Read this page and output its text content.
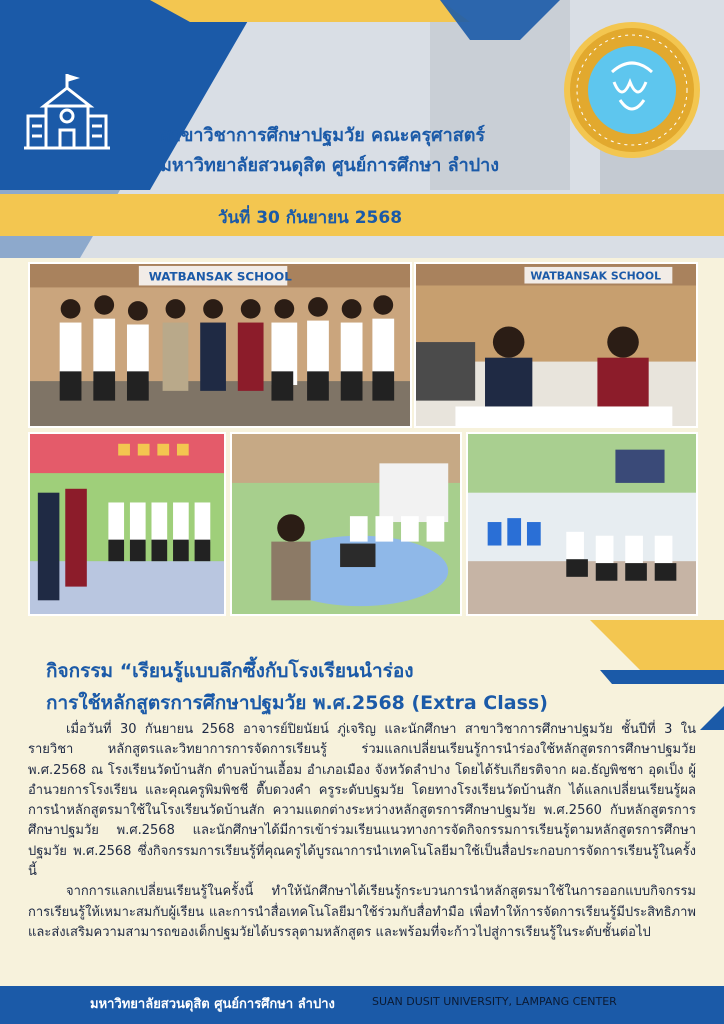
สาขาวิชาการศึกษาปฐมวัย คณะครุศาสตร์
มหาวิทยาลัยสวนดุสิต ศูนย์การศึกษา ลำปาง
วันที่ 30 กันยายน 2568
WATBANSAK SCHOOL	WATBANSAK SCHOOL
กิจกรรม “เรียนรู้แบบลึกซึ้งกับโรงเรียนนำร่อง
การใช้หลักสูตรการศึกษาปฐมวัย พ.ศ.2568 (Extra Class)

เมื่อวันที่ 30 กันยายน 2568 อาจารย์ปิยนัยน์ ภู่เจริญ และนักศึกษา สาขาวิชาการศึกษาปฐมวัย ชั้นปีที่ 3 ในรายวิชา หลักสูตรและวิทยาการการจัดการเรียนรู้ ร่วมแลกเปลี่ยนเรียนรู้การนำร่องใช้หลักสูตรการศึกษาปฐมวัย พ.ศ.2568 ณ โรงเรียนวัดบ้านสัก ตำบลบ้านเอื้อม อำเภอเมือง จังหวัดลำปาง โดยได้รับเกียรติจาก ผอ.ธัญพิชชา อุดเป็ง ผู้อำนวยการโรงเรียน และคุณครูพิมพิชชี ตื๊บดวงคำ ครูระดับปฐมวัย โดยทางโรงเรียนวัดบ้านสัก ได้แลกเปลี่ยนเรียนรู้ผลการนำหลักสูตรมาใช้ในโรงเรียนวัดบ้านสัก ความแตกต่างระหว่างหลักสูตรการศึกษาปฐมวัย พ.ศ.2560 กับหลักสูตรการศึกษาปฐมวัย พ.ศ.2568 และนักศึกษาได้มีการเข้าร่วมเรียนแนวทางการจัดกิจกรรมการเรียนรู้ตามหลักสูตรการศึกษาปฐมวัย พ.ศ.2568 ซึ่งกิจกรรมการเรียนรู้ที่คุณครูได้บูรณาการนำเทคโนโลยีมาใช้เป็นสื่อประกอบการจัดการเรียนรู้ในครั้งนี้

จากการแลกเปลี่ยนเรียนรู้ในครั้งนี้ ทำให้นักศึกษาได้เรียนรู้กระบวนการนำหลักสูตรมาใช้ในการออกแบบกิจกรรมการเรียนรู้ให้เหมาะสมกับผู้เรียน และการนำสื่อเทคโนโลยีมาใช้ร่วมกับสื่อทำมือ เพื่อทำให้การจัดการเรียนรู้มีประสิทธิภาพและส่งเสริมความสามารถของเด็กปฐมวัยได้บรรลุตามหลักสูตร และพร้อมที่จะก้าวไปสู่การเรียนรู้ในระดับชั้นต่อไป

มหาวิทยาลัยสวนดุสิต ศูนย์การศึกษา ลำปาง	SUAN DUSIT UNIVERSITY, LAMPANG CENTER
